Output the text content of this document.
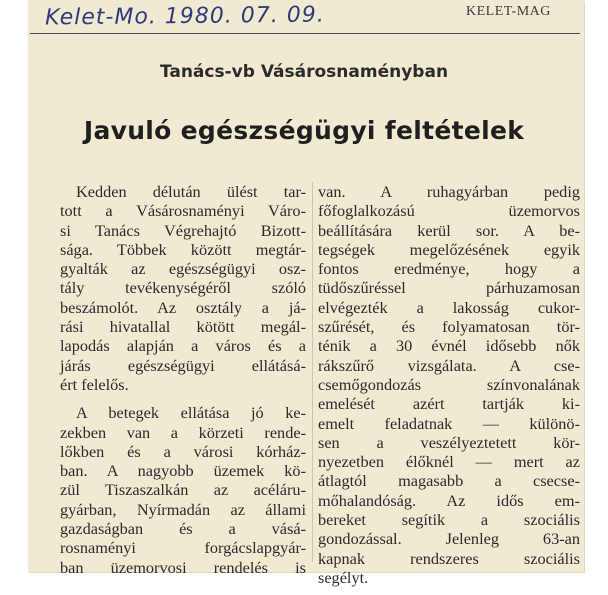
Kelet-Mo. 1980. 07. 09.	KELET-MAG
Tanács-vb Vásárosnaményban
Javuló egészségügyi feltételek

Kedden délután ülést tar-
tott a Vásárosnaményi Váro-
si Tanács Végrehajtó Bizott-
sága. Többek között megtár-
gyalták az egészségügyi osz-
tály tevékenységéről szóló
beszámolót. Az osztály a já-
rási hivatallal kötött megál-
lapodás alapján a város és a
járás egészségügyi ellátásá-
ért felelős.

A betegek ellátása jó ke-
zekben van a körzeti rende-
lőkben és a városi kórház-
ban. A nagyobb üzemek kö-
zül Tiszaszalkán az acéláru-
gyárban, Nyírmadán az állami
gazdaságban és a vásá-
rosnaményi forgácslapgyár-
ban üzemorvosi rendelés is

van. A ruhagyárban pedig
főfoglalkozású üzemorvos
beállítására kerül sor. A be-
tegségek megelőzésének egyik
fontos eredménye, hogy a
tüdőszűréssel párhuzamosan
elvégezték a lakosság cukor-
szűrését, és folyamatosan tör-
ténik a 30 évnél idősebb nők
rákszűrő vizsgálata. A cse-
csemőgondozás színvonalának
emelését azért tartják ki-
emelt feladatnak — különö-
sen a veszélyeztetett kör-
nyezetben élőknél — mert az
átlagtól magasabb a csecse-
mőhalandóság. Az idős em-
bereket segítik a szociális
gondozással. Jelenleg 63-an
kapnak rendszeres szociális
segélyt.
